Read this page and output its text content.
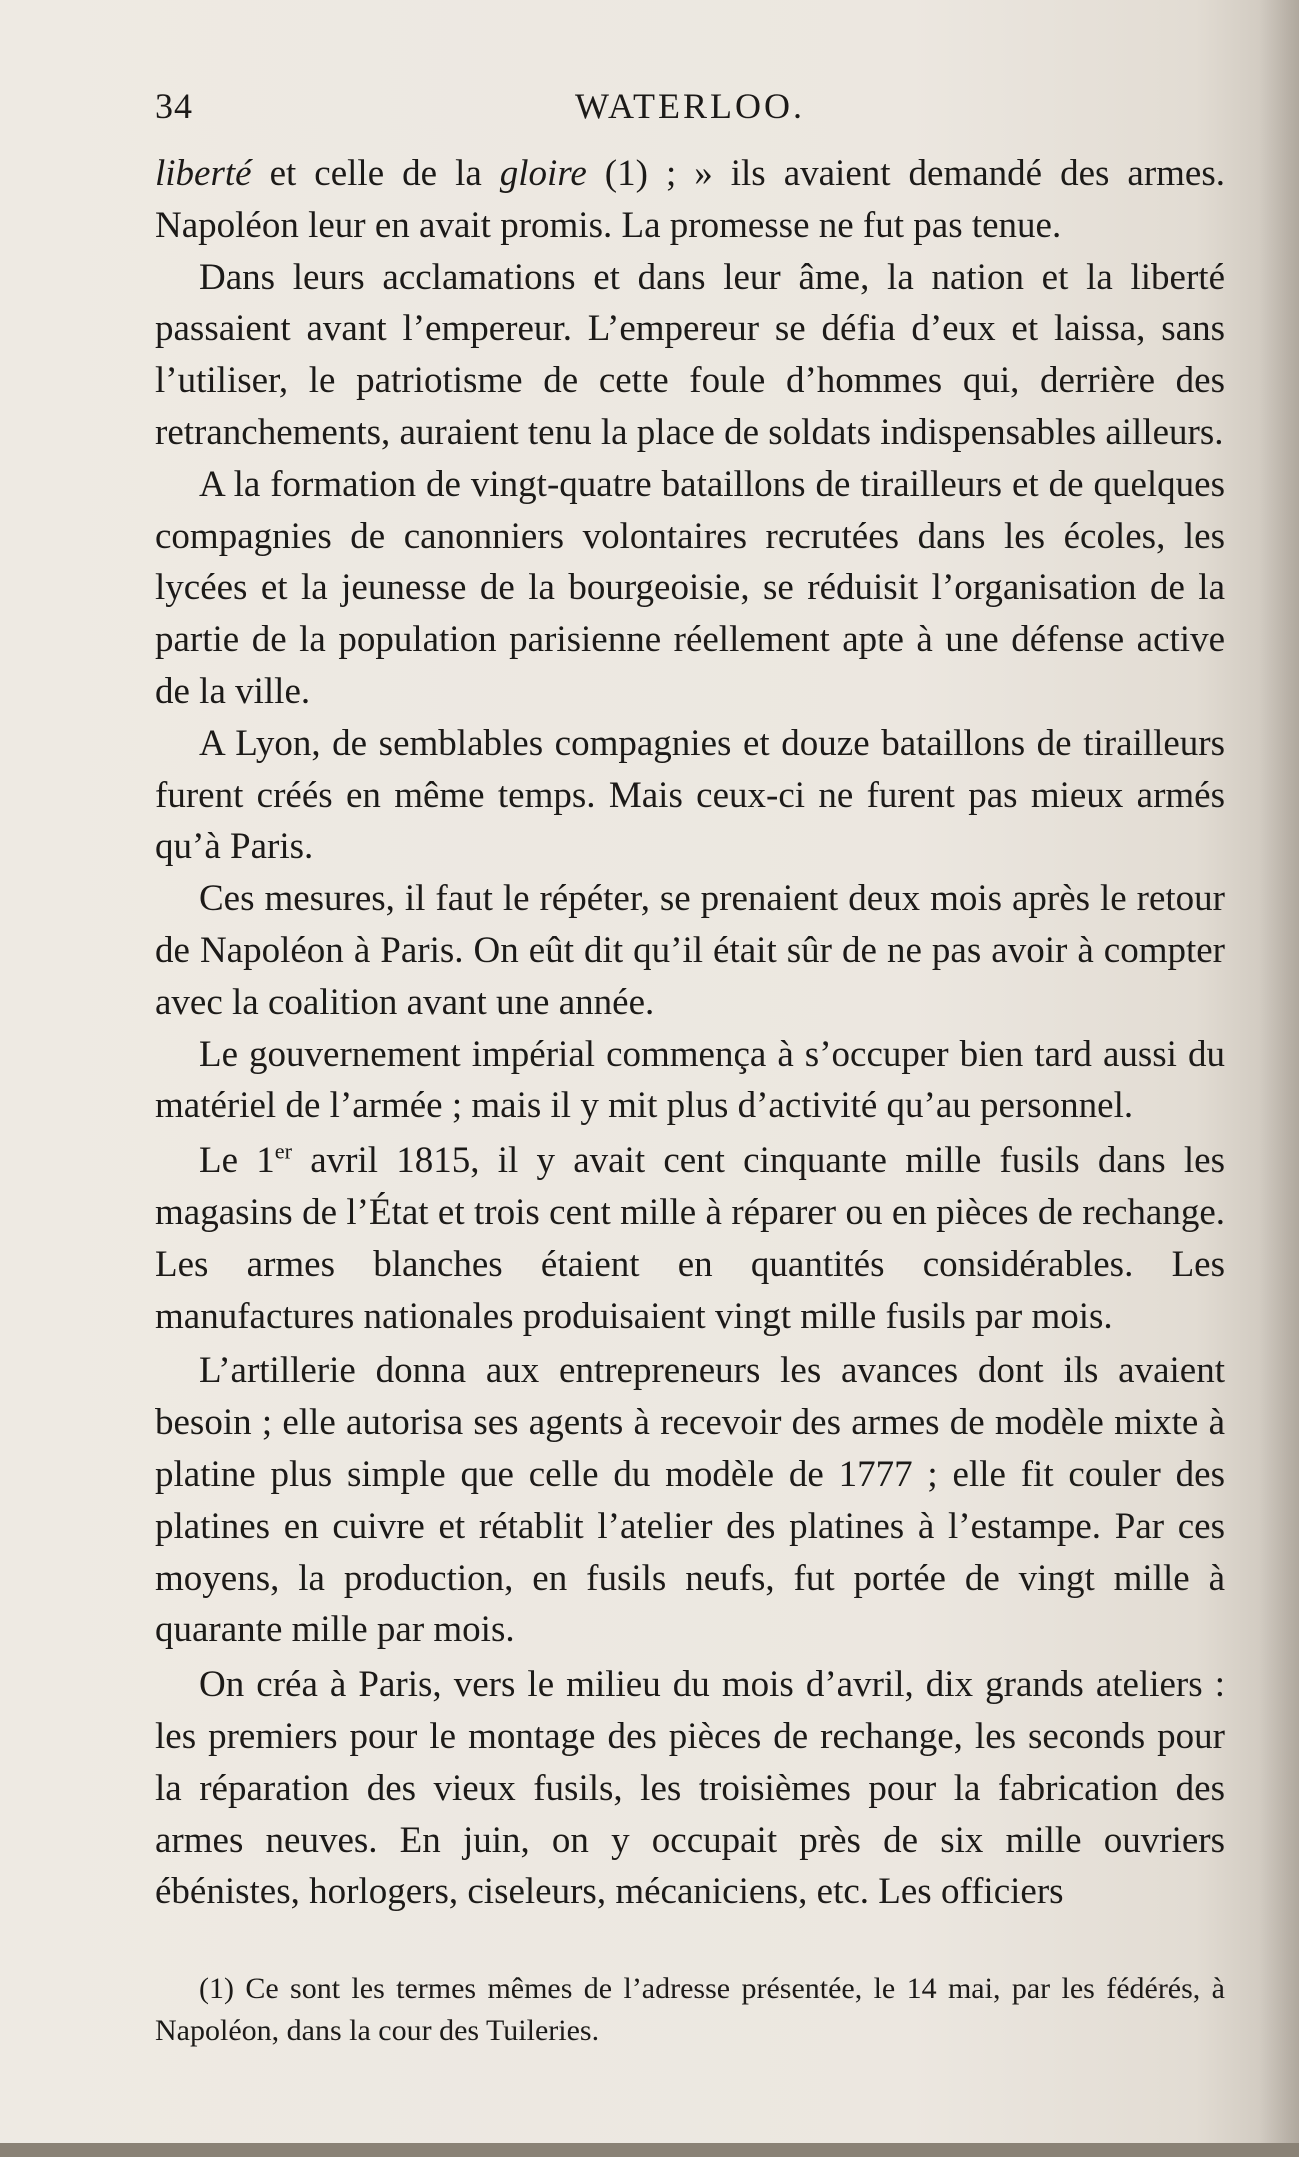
34	WATERLOO.

liberté et celle de la gloire (1) ; » ils avaient demandé des armes. Napoléon leur en avait promis. La promesse ne fut pas tenue.

Dans leurs acclamations et dans leur âme, la nation et la liberté passaient avant l’empereur. L’empereur se défia d’eux et laissa, sans l’utiliser, le patriotisme de cette foule d’hommes qui, derrière des retranchements, auraient tenu la place de soldats indispensables ailleurs.

A la formation de vingt-quatre bataillons de tirailleurs et de quelques compagnies de canonniers volontaires recrutées dans les écoles, les lycées et la jeunesse de la bourgeoisie, se réduisit l’organisation de la partie de la population parisienne réellement apte à une défense active de la ville.

A Lyon, de semblables compagnies et douze bataillons de tirailleurs furent créés en même temps. Mais ceux-ci ne furent pas mieux armés qu’à Paris.

Ces mesures, il faut le répéter, se prenaient deux mois après le retour de Napoléon à Paris. On eût dit qu’il était sûr de ne pas avoir à compter avec la coalition avant une année.

Le gouvernement impérial commença à s’occuper bien tard aussi du matériel de l’armée ; mais il y mit plus d’activité qu’au personnel.

Le 1er avril 1815, il y avait cent cinquante mille fusils dans les magasins de l’État et trois cent mille à réparer ou en pièces de rechange. Les armes blanches étaient en quantités considérables. Les manufactures nationales produisaient vingt mille fusils par mois.

L’artillerie donna aux entrepreneurs les avances dont ils avaient besoin ; elle autorisa ses agents à recevoir des armes de modèle mixte à platine plus simple que celle du modèle de 1777 ; elle fit couler des platines en cuivre et rétablit l’atelier des platines à l’estampe. Par ces moyens, la production, en fusils neufs, fut portée de vingt mille à quarante mille par mois.

On créa à Paris, vers le milieu du mois d’avril, dix grands ateliers : les premiers pour le montage des pièces de rechange, les seconds pour la réparation des vieux fusils, les troisièmes pour la fabrication des armes neuves. En juin, on y occupait près de six mille ouvriers ébénistes, horlogers, ciseleurs, mécaniciens, etc. Les officiers

(1) Ce sont les termes mêmes de l’adresse présentée, le 14 mai, par les fédérés, à Napoléon, dans la cour des Tuileries.
